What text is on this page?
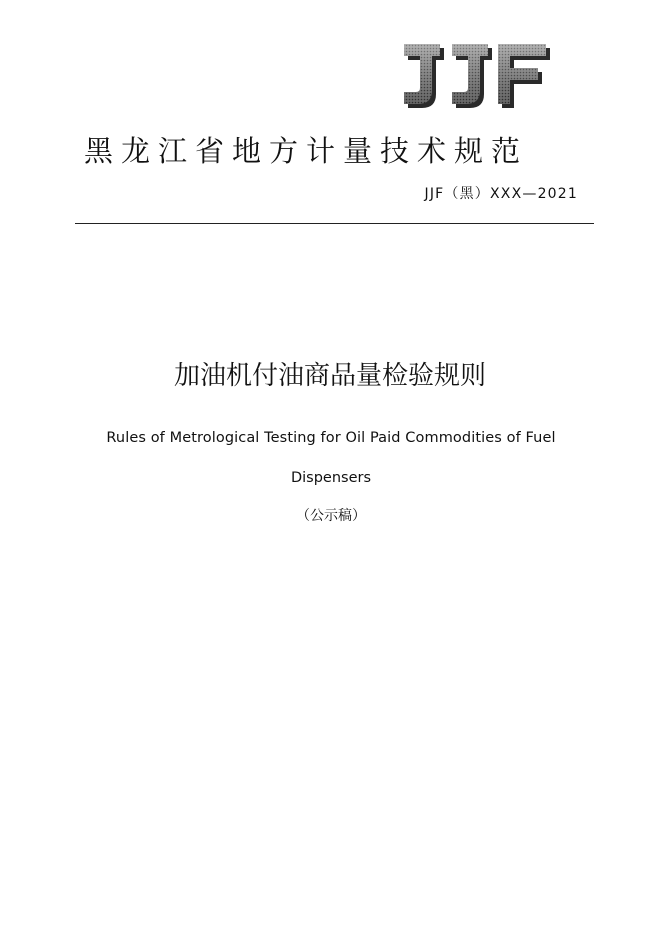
黑龙江省地方计量技术规范
JJF（黑）XXX—2021
加油机付油商品量检验规则
Rules of Metrological Testing for Oil Paid Commodities of Fuel
Dispensers
（公示稿）
